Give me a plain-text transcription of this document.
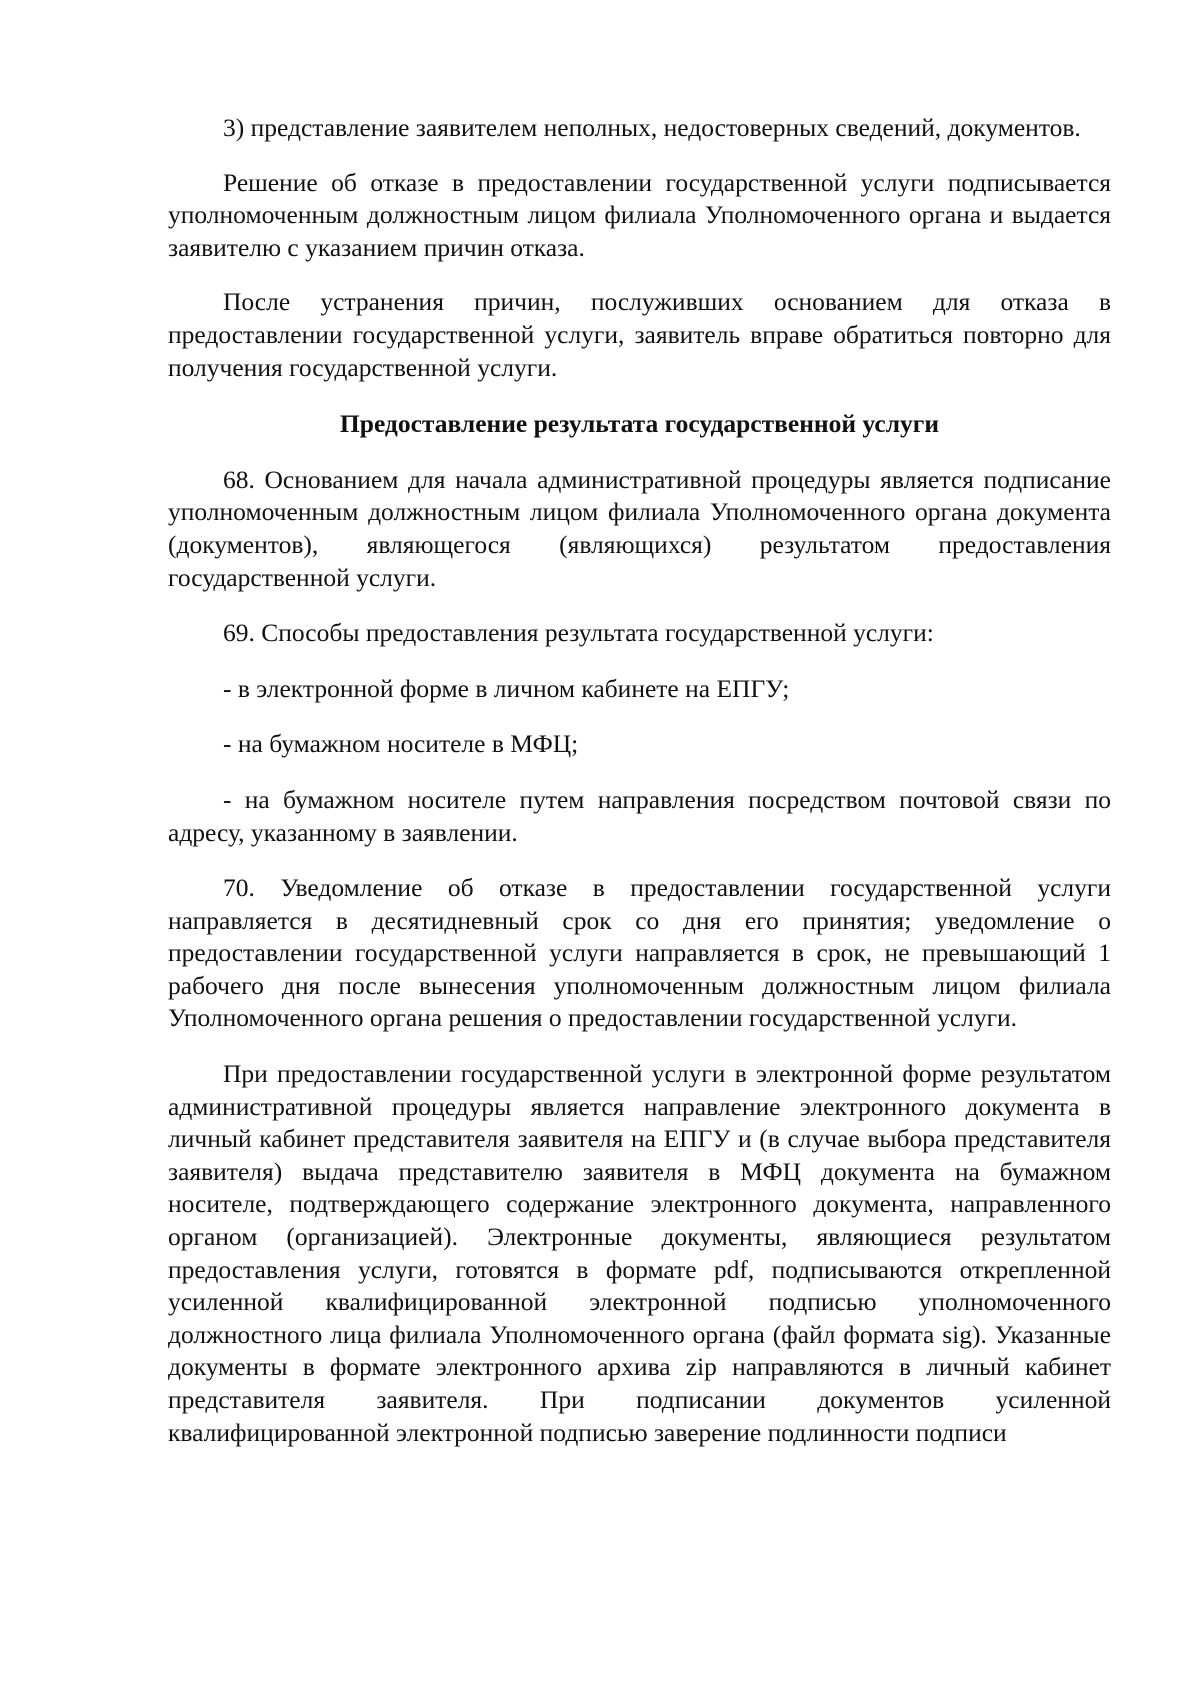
3) представление заявителем неполных, недостоверных сведений, документов.

Решение об отказе в предоставлении государственной услуги подписывается уполномоченным должностным лицом филиала Уполномоченного органа и выдается заявителю с указанием причин отказа.

После устранения причин, послуживших основанием для отказа в предоставлении государственной услуги, заявитель вправе обратиться повторно для получения государственной услуги.

Предоставление результата государственной услуги

68. Основанием для начала административной процедуры является подписание уполномоченным должностным лицом филиала Уполномоченного органа документа (документов), являющегося (являющихся) результатом предоставления государственной услуги.

69. Способы предоставления результата государственной услуги:

- в электронной форме в личном кабинете на ЕПГУ;

- на бумажном носителе в МФЦ;

- на бумажном носителе путем направления посредством почтовой связи по адресу, указанному в заявлении.

70. Уведомление об отказе в предоставлении государственной услуги направляется в десятидневный срок со дня его принятия; уведомление о предоставлении государственной услуги направляется в срок, не превышающий 1 рабочего дня после вынесения уполномоченным должностным лицом филиала Уполномоченного органа решения о предоставлении государственной услуги.

При предоставлении государственной услуги в электронной форме результатом административной процедуры является направление электронного документа в личный кабинет представителя заявителя на ЕПГУ и (в случае выбора представителя заявителя) выдача представителю заявителя в МФЦ документа на бумажном носителе, подтверждающего содержание электронного документа, направленного органом (организацией). Электронные документы, являющиеся результатом предоставления услуги, готовятся в формате pdf, подписываются открепленной усиленной квалифицированной электронной подписью уполномоченного должностного лица филиала Уполномоченного органа (файл формата sig). Указанные документы в формате электронного архива zip направляются в личный кабинет представителя заявителя. При подписании документов усиленной квалифицированной электронной подписью заверение подлинности подписи
